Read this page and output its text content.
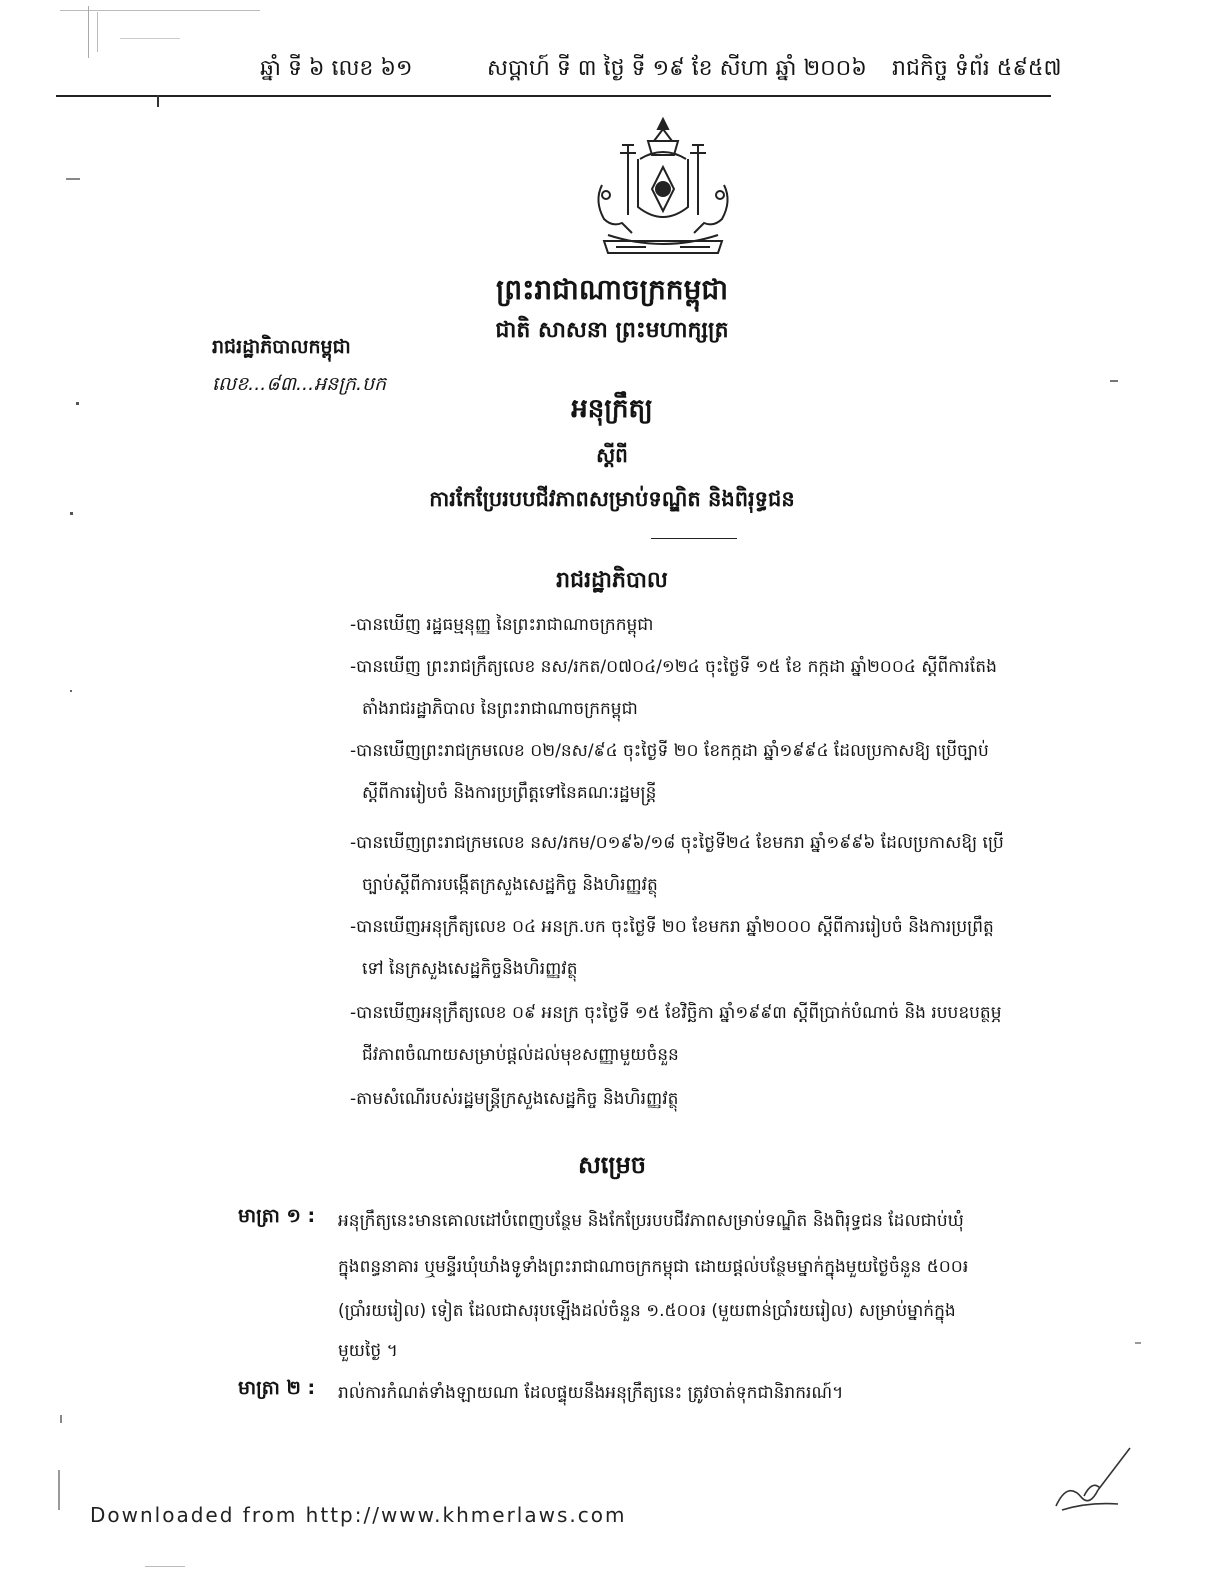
ឆ្នាំ ទី ៦ លេខ ៦១	សប្តាហ៍ ទី ៣ ថ្ងៃ ទី ១៩ ខែ សីហា ឆ្នាំ ២០០៦ រាជកិច្ច ទំព័រ ៥៩៥៧
ព្រះរាជាណាចក្រកម្ពុជា
ជាតិ សាសនា ព្រះមហាក្សត្រ
រាជរដ្ឋាភិបាលកម្ពុជា
លេខ...៨៣...អនក្រ.បក
អនុក្រឹត្យ
ស្តីពី
ការកែប្រែរបបជីវភាពសម្រាប់ទណ្ឌិត និងពិរុទ្ធជន
រាជរដ្ឋាភិបាល
-បានឃើញ រដ្ឋធម្មនុញ្ញ នៃព្រះរាជាណាចក្រកម្ពុជា
-បានឃើញ ព្រះរាជក្រឹត្យលេខ នស/រកត/០៧០៤/១២៤ ចុះថ្ងៃទី ១៥ ខែ កក្កដា ឆ្នាំ២០០៤ ស្តីពីការតែង
តាំងរាជរដ្ឋាភិបាល នៃព្រះរាជាណាចក្រកម្ពុជា
-បានឃើញព្រះរាជក្រមលេខ ០២/នស/៩៤ ចុះថ្ងៃទី ២០ ខែកក្កដា ឆ្នាំ១៩៩៤ ដែលប្រកាសឱ្យ ប្រើច្បាប់
ស្តីពីការរៀបចំ និងការប្រព្រឹត្តទៅនៃគណៈរដ្ឋមន្ត្រី
-បានឃើញព្រះរាជក្រមលេខ នស/រកម/០១៩៦/១៨ ចុះថ្ងៃទី២៤ ខែមករា ឆ្នាំ១៩៩៦ ដែលប្រកាសឱ្យ ប្រើ
ច្បាប់ស្តីពីការបង្កើតក្រសួងសេដ្ឋកិច្ច និងហិរញ្ញវត្ថុ
-បានឃើញអនុក្រឹត្យលេខ ០៤ អនក្រ.បក ចុះថ្ងៃទី ២០ ខែមករា ឆ្នាំ២០០០ ស្តីពីការរៀបចំ និងការប្រព្រឹត្ត
ទៅ នៃក្រសួងសេដ្ឋកិច្ចនិងហិរញ្ញវត្ថុ
-បានឃើញអនុក្រឹត្យលេខ ០៩ អនក្រ ចុះថ្ងៃទី ១៥ ខែវិច្ឆិកា ឆ្នាំ១៩៩៣ ស្តីពីប្រាក់បំណាច់ និង របបឧបត្ថម្ភ
ជីវភាពចំណាយសម្រាប់ផ្តល់ដល់មុខសញ្ញាមួយចំនួន
-តាមសំណើរបស់រដ្ឋមន្ត្រីក្រសួងសេដ្ឋកិច្ច និងហិរញ្ញវត្ថុ
សម្រេច
មាត្រា ១ : អនុក្រឹត្យនេះមានគោលដៅបំពេញបន្ថែម និងកែប្រែរបបជីវភាពសម្រាប់ទណ្ឌិត និងពិរុទ្ធជន ដែលជាប់ឃុំ
ក្នុងពន្ធនាគារ ឬមន្ទីរឃុំឃាំងទូទាំងព្រះរាជាណាចក្រកម្ពុជា ដោយផ្តល់បន្ថែមម្នាក់ក្នុងមួយថ្ងៃចំនួន ៥០០៛
(ប្រាំរយរៀល) ទៀត ដែលជាសរុបឡើងដល់ចំនួន ១.៥០០៛ (មួយពាន់ប្រាំរយរៀល) សម្រាប់ម្នាក់ក្នុង
មួយថ្ងៃ ។
មាត្រា ២ : រាល់ការកំណត់ទាំងឡាយណា ដែលផ្ទុយនឹងអនុក្រឹត្យនេះ ត្រូវចាត់ទុកជានិរាករណ៍។
Downloaded from http://www.khmerlaws.com
